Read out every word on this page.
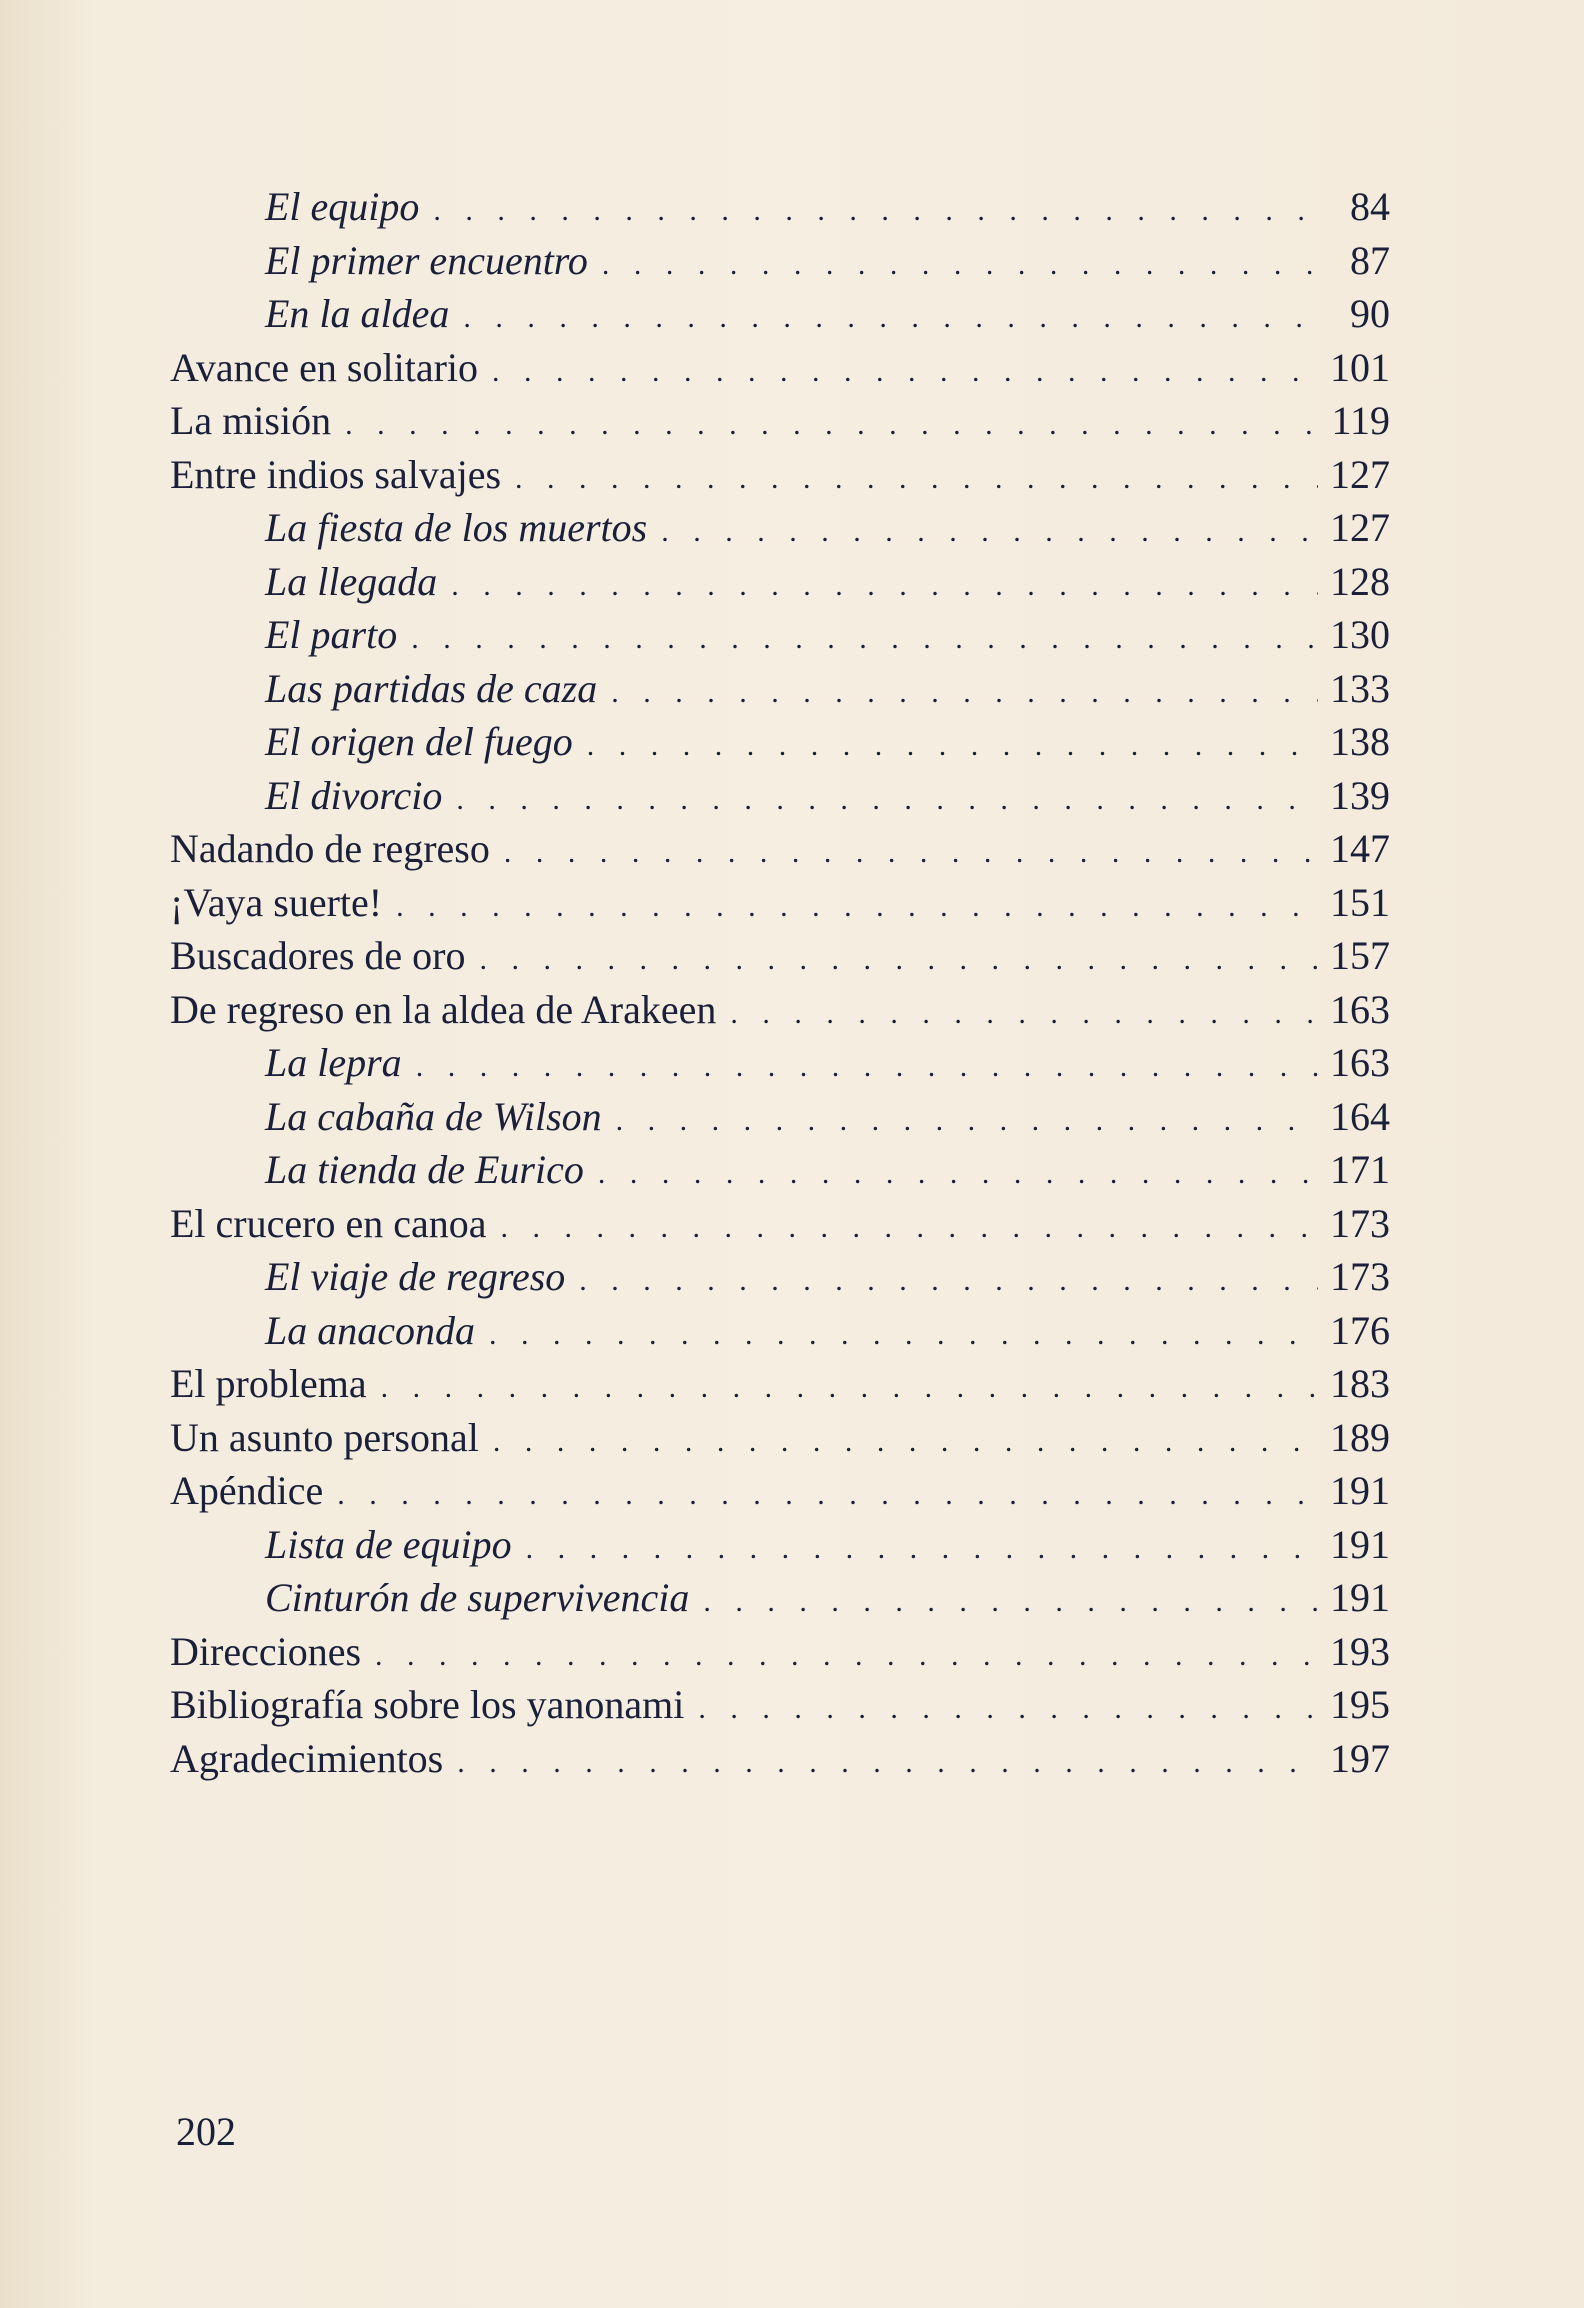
El equipo . . .	84
El primer encuentro . . .	87
En la aldea . . .	90
Avance en solitario . . .	101
La misión . . .	119
Entre indios salvajes . . .	127
La fiesta de los muertos . . .	127
La llegada . . .	128
El parto . . .	130
Las partidas de caza . . .	133
El origen del fuego . . .	138
El divorcio . . .	139
Nadando de regreso . . .	147
¡Vaya suerte! . . .	151
Buscadores de oro . . .	157
De regreso en la aldea de Arakeen . . .	163
La lepra . . .	163
La cabaña de Wilson . . .	164
La tienda de Eurico . . .	171
El crucero en canoa . . .	173
El viaje de regreso . . .	173
La anaconda . . .	176
El problema . . .	183
Un asunto personal . . .	189
Apéndice . . .	191
Lista de equipo . . .	191
Cinturón de supervivencia . . .	191
Direcciones . . .	193
Bibliografía sobre los yanonami . . .	195
Agradecimientos . . .	197
202
